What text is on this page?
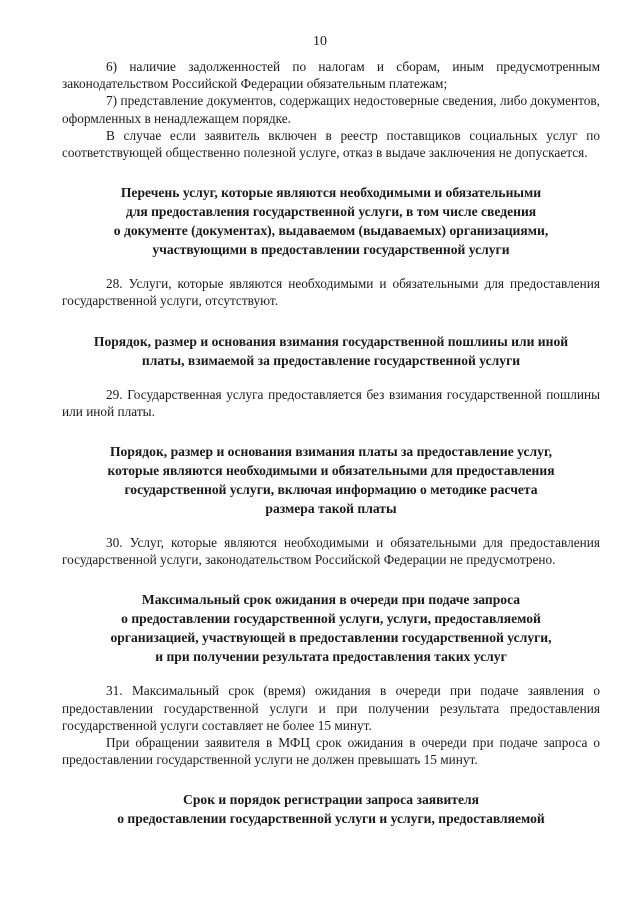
10

6) наличие задолженностей по налогам и сборам, иным предусмотренным законодательством Российской Федерации обязательным платежам;

7) представление документов, содержащих недостоверные сведения, либо документов, оформленных в ненадлежащем порядке.

В случае если заявитель включен в реестр поставщиков социальных услуг по соответствующей общественно полезной услуге, отказ в выдаче заключения не допускается.

Перечень услуг, которые являются необходимыми и обязательными
для предоставления государственной услуги, в том числе сведения
о документе (документах), выдаваемом (выдаваемых) организациями,
участвующими в предоставлении государственной услуги

28. Услуги, которые являются необходимыми и обязательными для предоставления государственной услуги, отсутствуют.

Порядок, размер и основания взимания государственной пошлины или иной
платы, взимаемой за предоставление государственной услуги

29. Государственная услуга предоставляется без взимания государственной пошлины или иной платы.

Порядок, размер и основания взимания платы за предоставление услуг,
которые являются необходимыми и обязательными для предоставления
государственной услуги, включая информацию о методике расчета
размера такой платы

30. Услуг, которые являются необходимыми и обязательными для предоставления государственной услуги, законодательством Российской Федерации не предусмотрено.

Максимальный срок ожидания в очереди при подаче запроса
о предоставлении государственной услуги, услуги, предоставляемой
организацией, участвующей в предоставлении государственной услуги,
и при получении результата предоставления таких услуг

31. Максимальный срок (время) ожидания в очереди при подаче заявления о предоставлении государственной услуги и при получении результата предоставления государственной услуги составляет не более 15 минут.

При обращении заявителя в МФЦ срок ожидания в очереди при подаче запроса о предоставлении государственной услуги не должен превышать 15 минут.

Срок и порядок регистрации запроса заявителя
о предоставлении государственной услуги и услуги, предоставляемой
